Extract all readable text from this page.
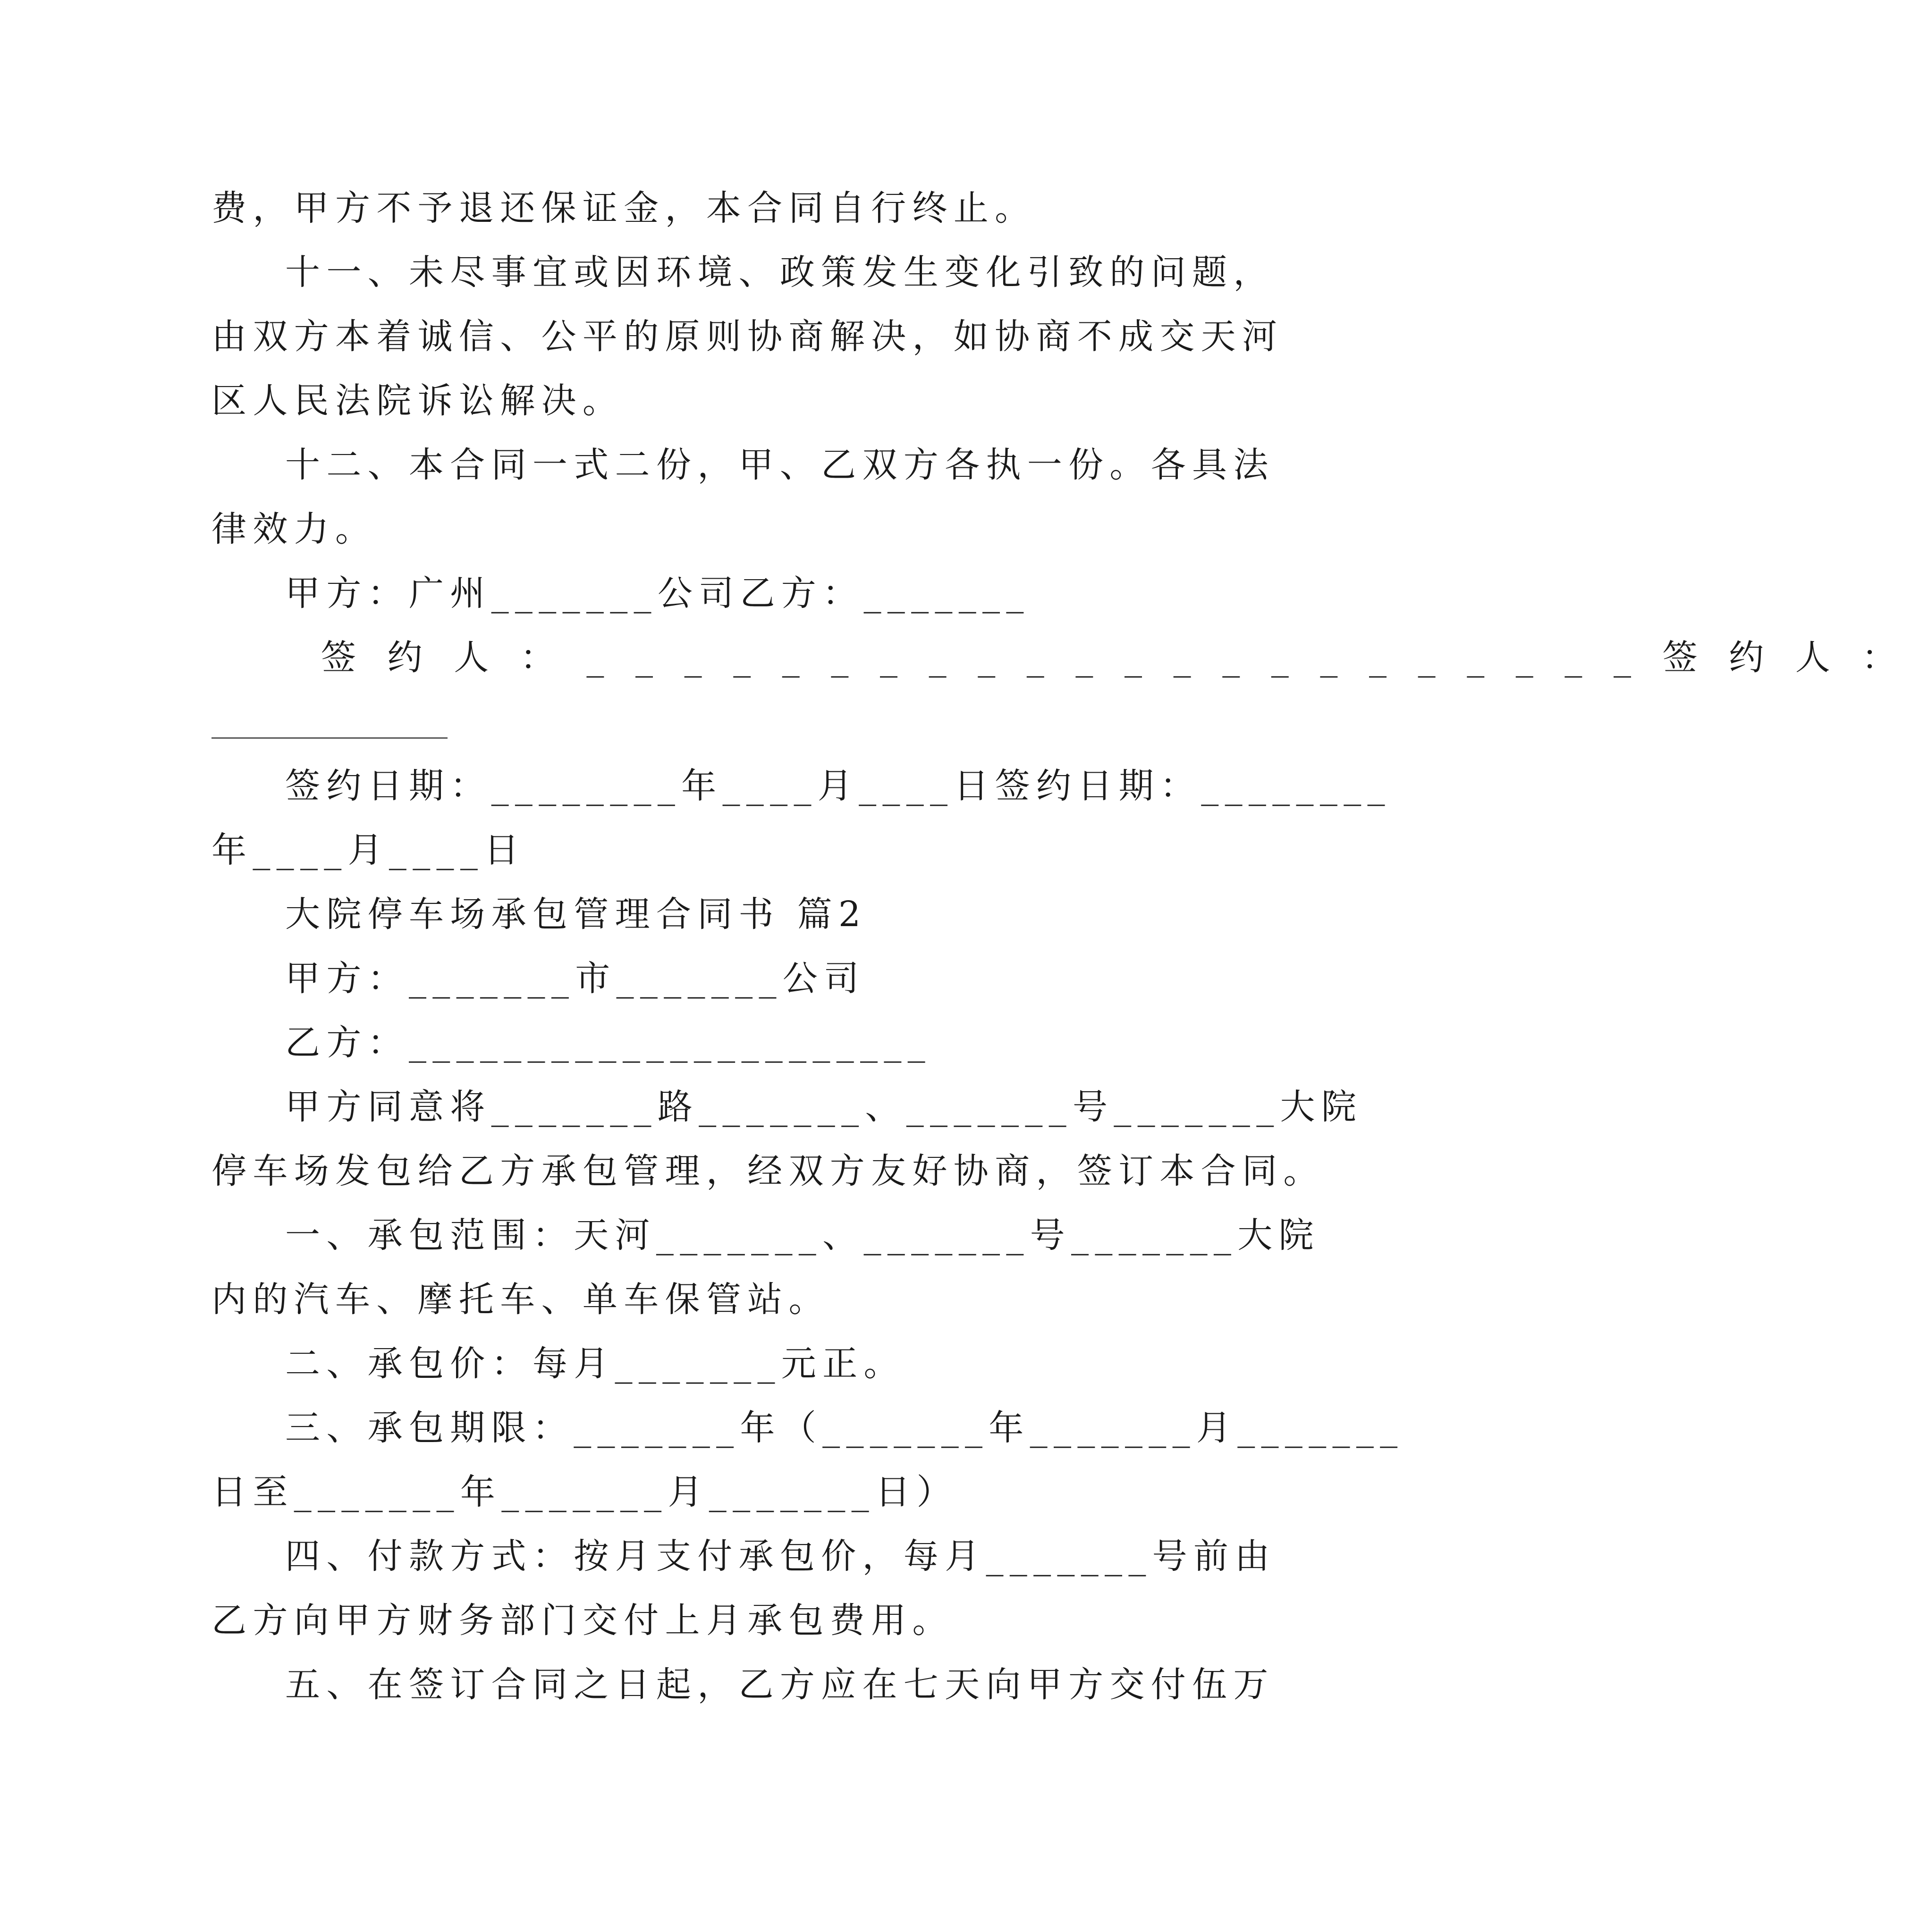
费，甲方不予退还保证金，本合同自行终止。
十一、未尽事宜或因环境、政策发生变化引致的问题，
由双方本着诚信、公平的原则协商解决，如协商不成交天河
区人民法院诉讼解决。
十二、本合同一式二份，甲、乙双方各执一份。各具法
律效力。
甲方：广州_______公司乙方：_______
签约人：______________________签约人：
签约日期：________年____月____日签约日期：________
年____月____日
大院停车场承包管理合同书 篇2
甲方：_______市_______公司
乙方：______________________
甲方同意将_______路_______、_______号_______大院
停车场发包给乙方承包管理，经双方友好协商，签订本合同。
一、承包范围：天河_______、_______号_______大院
内的汽车、摩托车、单车保管站。
二、承包价：每月_______元正。
三、承包期限：_______年（_______年_______月_______
日至_______年_______月_______日）
四、付款方式：按月支付承包价，每月_______号前由
乙方向甲方财务部门交付上月承包费用。
五、在签订合同之日起，乙方应在七天向甲方交付伍万
